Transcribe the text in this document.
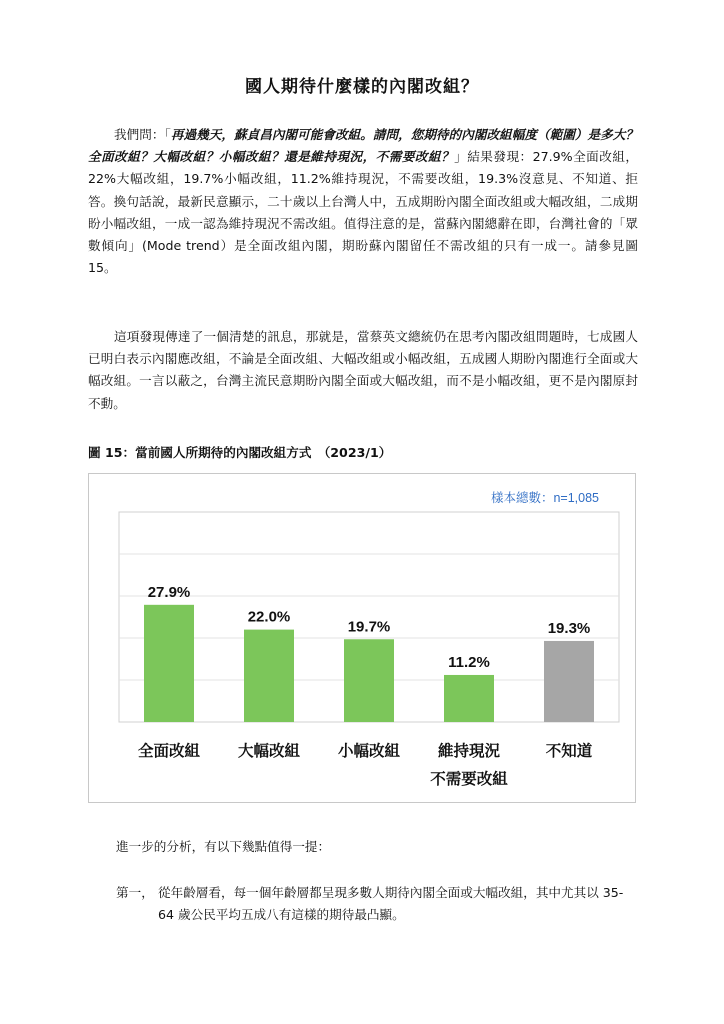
國人期待什麼樣的內閣改組？

我們問：「再過幾天，蘇貞昌內閣可能會改組。請問，您期待的內閣改組幅度（範圍）是多大？全面改組？大幅改組？小幅改組？還是維持現況，不需要改組？」結果發現：27.9%全面改組，22%大幅改組，19.7%小幅改組，11.2%維持現況，不需要改組，19.3%沒意見、不知道、拒答。換句話說，最新民意顯示，二十歲以上台灣人中，五成期盼內閣全面改組或大幅改組，二成期盼小幅改組，一成一認為維持現況不需改組。值得注意的是，當蘇內閣總辭在即，台灣社會的「眾數傾向」(Mode trend）是全面改組內閣，期盼蘇內閣留任不需改組的只有一成一。請參見圖 15。

這項發現傳達了一個清楚的訊息，那就是，當蔡英文總統仍在思考內閣改組問題時，七成國人已明白表示內閣應改組，不論是全面改組、大幅改組或小幅改組，五成國人期盼內閣進行全面或大幅改組。一言以蔽之，台灣主流民意期盼內閣全面或大幅改組，而不是小幅改組，更不是內閣原封不動。

圖 15：當前國人所期待的內閣改組方式　（2023/1）
樣本總數：n=1,085
27.9%
全面改組
22.0%
大幅改組
19.7%
小幅改組
11.2%
維持現況
不需要改組
19.3%
不知道
進一步的分析，有以下幾點值得一提：
第一， 從年齡層看，每一個年齡層都呈現多數人期待內閣全面或大幅改組，其中尤其以 35-64 歲公民平均五成八有這樣的期待最凸顯。
